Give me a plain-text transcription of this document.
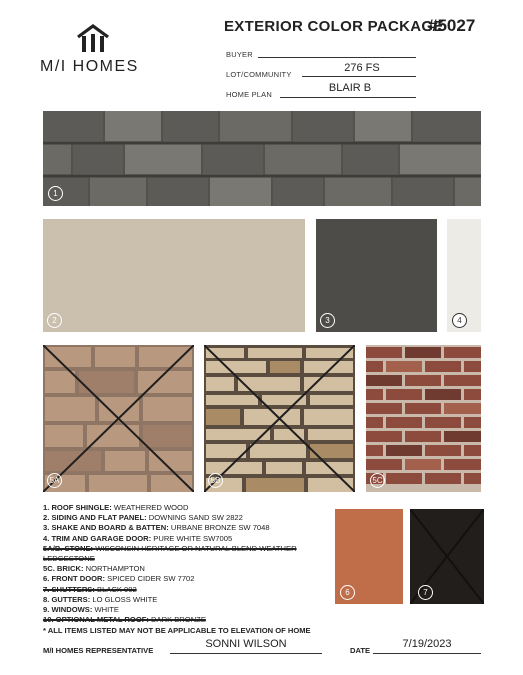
M/I HOMES
EXTERIOR COLOR PACKAGE
#5027
BUYER
LOT/COMMUNITY
276 FS
HOME PLAN
BLAIR B
1
2	3	4
5A	5B	5C
1. ROOF SHINGLE: WEATHERED WOOD
2. SIDING AND FLAT PANEL: DOWNING SAND SW 2822
3. SHAKE AND BOARD & BATTEN: URBANE BRONZE SW 7048
4. TRIM AND GARAGE DOOR: PURE WHITE SW7005
5A/B. STONE: WISCONSIN HERITAGE OR NATURAL BLEND WEATHER LEDGESTONE
5C. BRICK: NORTHAMPTON
6. FRONT DOOR: SPICED CIDER SW 7702
7. SHUTTERS: BLACK 002
8. GUTTERS: LO GLOSS WHITE
9. WINDOWS: WHITE
10. OPTIONAL METAL ROOF: DARK BRONZE
6	7
* ALL ITEMS LISTED MAY NOT BE APPLICABLE TO ELEVATION OF HOME
M/I HOMES REPRESENTATIVE
SONNI WILSON
DATE
7/19/2023
